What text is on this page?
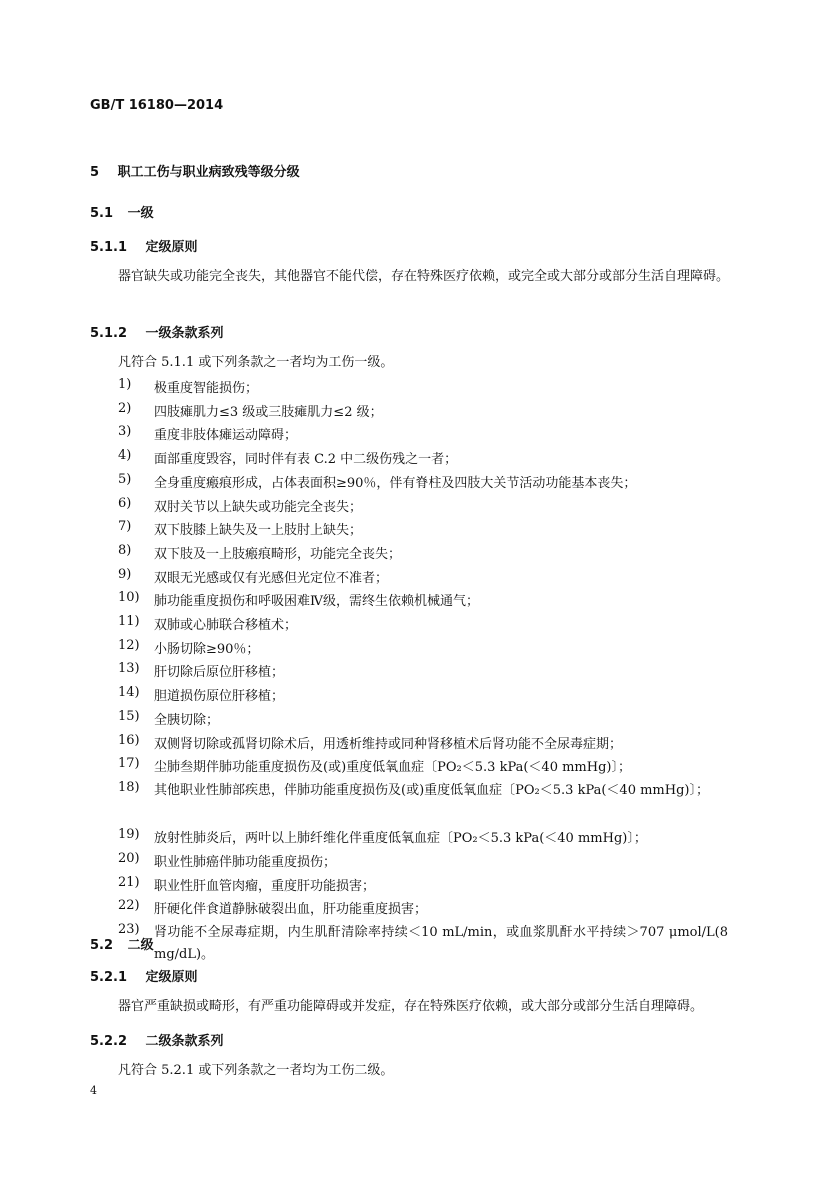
GB/T 16180—2014
5 职工工伤与职业病致残等级分级
5.1 一级
5.1.1 定级原则
器官缺失或功能完全丧失，其他器官不能代偿，存在特殊医疗依赖，或完全或大部分或部分生活自理障碍。
5.1.2 一级条款系列
凡符合 5.1.1 或下列条款之一者均为工伤一级。
1)	极重度智能损伤；
2)	四肢瘫肌力≤3 级或三肢瘫肌力≤2 级；
3)	重度非肢体瘫运动障碍；
4)	面部重度毁容，同时伴有表 C.2 中二级伤残之一者；
5)	全身重度瘢痕形成，占体表面积≥90％，伴有脊柱及四肢大关节活动功能基本丧失；
6)	双肘关节以上缺失或功能完全丧失；
7)	双下肢膝上缺失及一上肢肘上缺失；
8)	双下肢及一上肢瘢痕畸形，功能完全丧失；
9)	双眼无光感或仅有光感但光定位不准者；
10)	肺功能重度损伤和呼吸困难Ⅳ级，需终生依赖机械通气；
11)	双肺或心肺联合移植术；
12)	小肠切除≥90％；
13)	肝切除后原位肝移植；
14)	胆道损伤原位肝移植；
15)	全胰切除；
16)	双侧肾切除或孤肾切除术后，用透析维持或同种肾移植术后肾功能不全尿毒症期；
17)	尘肺叁期伴肺功能重度损伤及(或)重度低氧血症〔PO₂＜5.3 kPa(＜40 mmHg)〕；
18)	其他职业性肺部疾患，伴肺功能重度损伤及(或)重度低氧血症〔PO₂＜5.3 kPa(＜40 mmHg)〕；
19)	放射性肺炎后，两叶以上肺纤维化伴重度低氧血症〔PO₂＜5.3 kPa(＜40 mmHg)〕；
20)	职业性肺癌伴肺功能重度损伤；
21)	职业性肝血管肉瘤，重度肝功能损害；
22)	肝硬化伴食道静脉破裂出血，肝功能重度损害；
23)	肾功能不全尿毒症期，内生肌酐清除率持续＜10 mL/min，或血浆肌酐水平持续＞707 μmol/L(8 mg/dL)。
5.2 二级
5.2.1 定级原则
器官严重缺损或畸形，有严重功能障碍或并发症，存在特殊医疗依赖，或大部分或部分生活自理障碍。
5.2.2 二级条款系列
凡符合 5.2.1 或下列条款之一者均为工伤二级。
4
